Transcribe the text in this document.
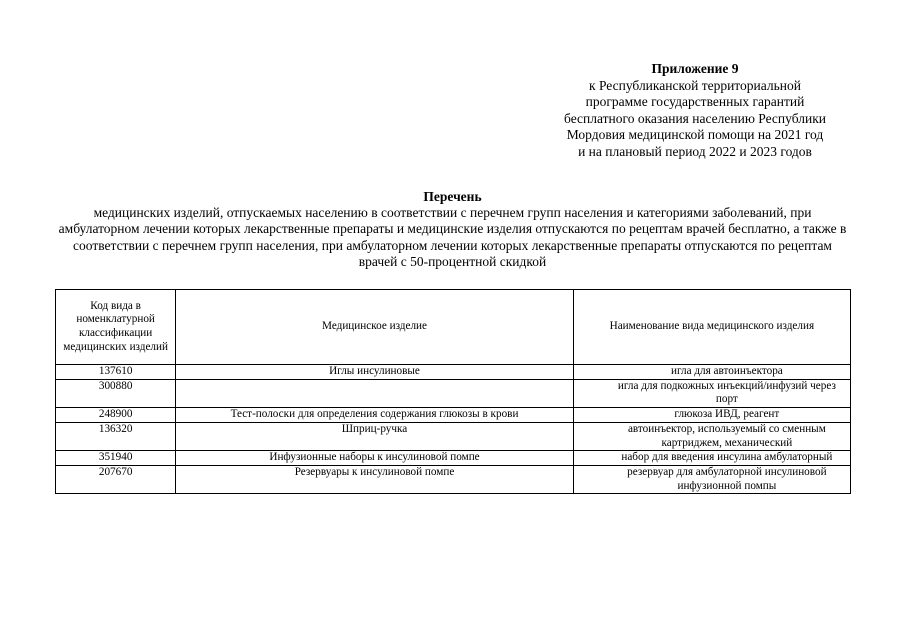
Приложение 9
к Республиканской территориальной
программе государственных гарантий
бесплатного оказания населению Республики
Мордовия медицинской помощи на 2021 год
и на плановый период 2022 и 2023 годов
Перечень
медицинских изделий, отпускаемых населению в соответствии с перечнем групп населения и категориями заболеваний, при амбулаторном лечении которых лекарственные препараты и медицинские изделия отпускаются по рецептам врачей бесплатно, а также в соответствии с перечнем групп населения, при амбулаторном лечении которых лекарственные препараты отпускаются по рецептам врачей с 50-процентной скидкой
Код вида в номенклатурной классификации медицинских изделий	Медицинское изделие	Наименование вида медицинского изделия
137610	Иглы инсулиновые	игла для автоинъектора
300880		игла для подкожных инъекций/инфузий через порт
248900	Тест-полоски для определения содержания глюкозы в крови	глюкоза ИВД, реагент
136320	Шприц-ручка	автоинъектор, используемый со сменным картриджем, механический
351940	Инфузионные наборы к инсулиновой помпе	набор для введения инсулина амбулаторный
207670	Резервуары к инсулиновой помпе	резервуар для амбулаторной инсулиновой инфузионной помпы
